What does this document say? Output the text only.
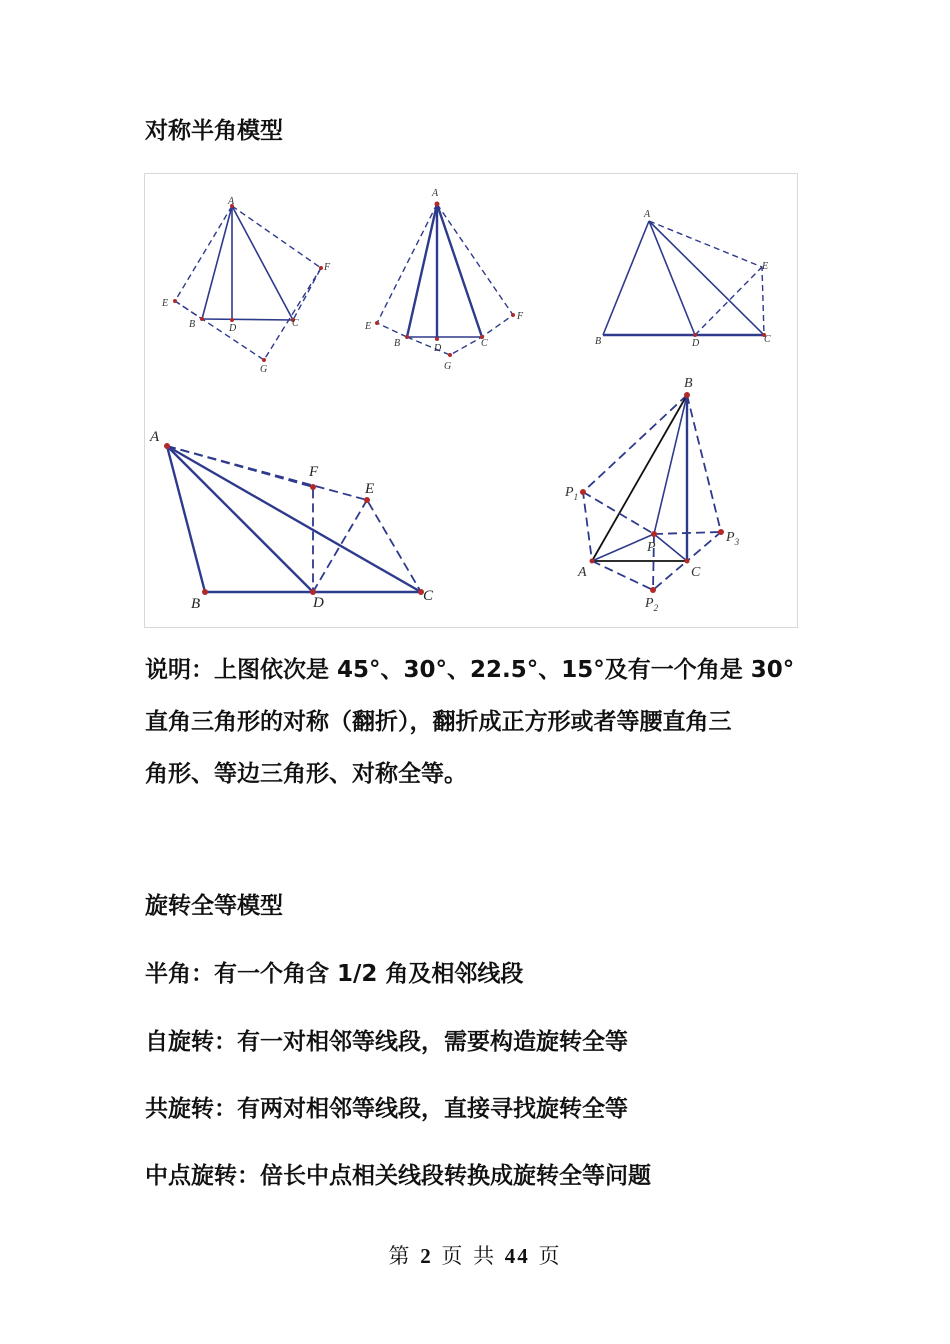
对称半角模型
A
B	D	C
E
F
G
A
B	D	C
E
F
G
A
B	D	C
E
A
B	D	C
F
E
B
A	C
P
$P_1$
$P_2$
$P_3$
说明：上图依次是 45°、30°、22.5°、15°及有一个角是 30°
直角三角形的对称（翻折），翻折成正方形或者等腰直角三
角形、等边三角形、对称全等。
旋转全等模型
半角：有一个角含 1/2 角及相邻线段
自旋转：有一对相邻等线段，需要构造旋转全等
共旋转：有两对相邻等线段，直接寻找旋转全等
中点旋转：倍长中点相关线段转换成旋转全等问题
第 2 页 共 44 页
